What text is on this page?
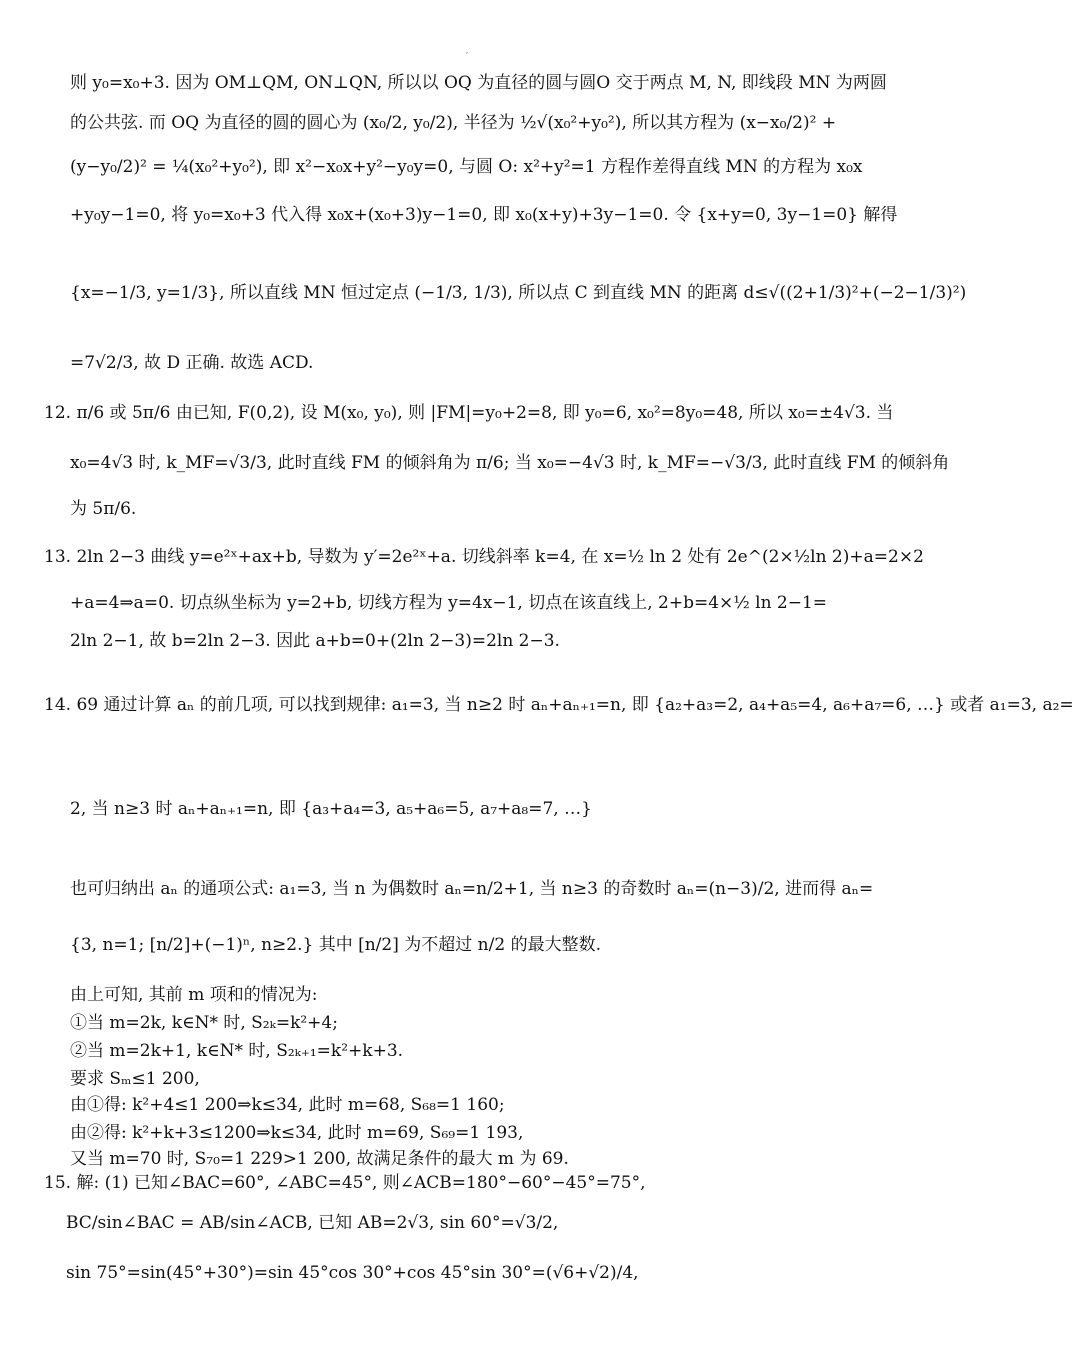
′
则 y₀=x₀+3. 因为 OM⊥QM, ON⊥QN, 所以以 OQ 为直径的圆与圆O 交于两点 M, N, 即线段 MN 为两圆
的公共弦. 而 OQ 为直径的圆的圆心为 (x₀/2, y₀/2), 半径为 ½√(x₀²+y₀²), 所以其方程为 (x−x₀/2)² +
(y−y₀/2)² = ¼(x₀²+y₀²), 即 x²−x₀x+y²−y₀y=0, 与圆 O: x²+y²=1 方程作差得直线 MN 的方程为 x₀x
+y₀y−1=0, 将 y₀=x₀+3 代入得 x₀x+(x₀+3)y−1=0, 即 x₀(x+y)+3y−1=0. 令 {x+y=0, 3y−1=0} 解得
{x=−1/3, y=1/3}, 所以直线 MN 恒过定点 (−1/3, 1/3), 所以点 C 到直线 MN 的距离 d≤√((2+1/3)²+(−2−1/3)²)
=7√2/3, 故 D 正确. 故选 ACD.
12. π/6 或 5π/6 由已知, F(0,2), 设 M(x₀, y₀), 则 |FM|=y₀+2=8, 即 y₀=6, x₀²=8y₀=48, 所以 x₀=±4√3. 当
x₀=4√3 时, k_MF=√3/3, 此时直线 FM 的倾斜角为 π/6; 当 x₀=−4√3 时, k_MF=−√3/3, 此时直线 FM 的倾斜角
为 5π/6.
13. 2ln 2−3 曲线 y=e²ˣ+ax+b, 导数为 y′=2e²ˣ+a. 切线斜率 k=4, 在 x=½ ln 2 处有 2e^(2×½ln 2)+a=2×2
+a=4⇒a=0. 切点纵坐标为 y=2+b, 切线方程为 y=4x−1, 切点在该直线上, 2+b=4×½ ln 2−1=
2ln 2−1, 故 b=2ln 2−3. 因此 a+b=0+(2ln 2−3)=2ln 2−3.
14. 69 通过计算 aₙ 的前几项, 可以找到规律: a₁=3, 当 n≥2 时 aₙ+aₙ₊₁=n, 即 {a₂+a₃=2, a₄+a₅=4, a₆+a₇=6, …} 或者 a₁=3, a₂=
2, 当 n≥3 时 aₙ+aₙ₊₁=n, 即 {a₃+a₄=3, a₅+a₆=5, a₇+a₈=7, …}
也可归纳出 aₙ 的通项公式: a₁=3, 当 n 为偶数时 aₙ=n/2+1, 当 n≥3 的奇数时 aₙ=(n−3)/2, 进而得 aₙ=
{3, n=1; [n/2]+(−1)ⁿ, n≥2.} 其中 [n/2] 为不超过 n/2 的最大整数.
由上可知, 其前 m 项和的情况为:
①当 m=2k, k∈N* 时, S₂ₖ=k²+4;
②当 m=2k+1, k∈N* 时, S₂ₖ₊₁=k²+k+3.
要求 Sₘ≤1 200,
由①得: k²+4≤1 200⇒k≤34, 此时 m=68, S₆₈=1 160;
由②得: k²+k+3≤1200⇒k≤34, 此时 m=69, S₆₉=1 193,
又当 m=70 时, S₇₀=1 229>1 200, 故满足条件的最大 m 为 69.
15. 解: (1) 已知∠BAC=60°, ∠ABC=45°, 则∠ACB=180°−60°−45°=75°,
BC/sin∠BAC = AB/sin∠ACB, 已知 AB=2√3, sin 60°=√3/2,
sin 75°=sin(45°+30°)=sin 45°cos 30°+cos 45°sin 30°=(√6+√2)/4,
